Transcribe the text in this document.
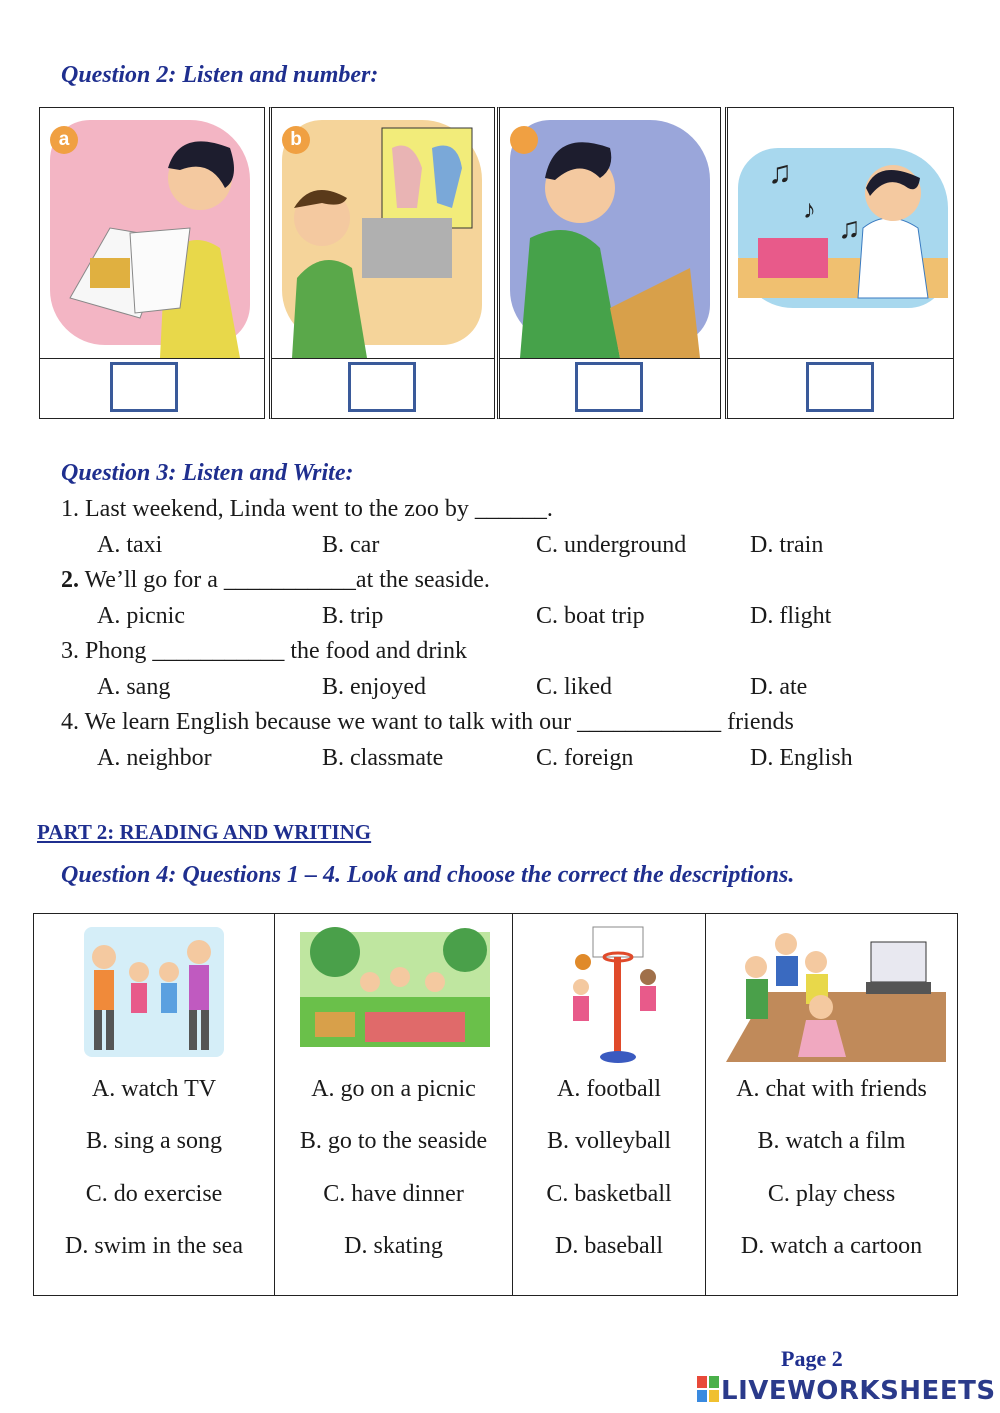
Question 2: Listen and number:
a	b
♫
♪
♫
Question 3: Listen and Write:

1. Last weekend, Linda went to the zoo by ______.

A. taxi	B. car	C. underground	D. train

2. We’ll go for a ___________at the seaside.

A. picnic	B. trip	C. boat trip	D. flight

3. Phong ___________ the food and drink

A. sang	B. enjoyed	C. liked	D. ate

4. We learn English because we want to talk with our ____________ friends

A. neighbor	B. classmate	C. foreign	D. English
PART 2: READING AND WRITING
Question 4: Questions 1 – 4. Look and choose the correct the descriptions.
A. watch TV
B. sing a song
C. do exercise
D. swim in the sea
A. go on a picnic
B. go to the seaside
C. have dinner
D. skating
A. football
B. volleyball
C. basketball
D. baseball
A. chat with friends
B. watch a film
C. play chess
D. watch a cartoon
Page 2
LIVEWORKSHEETS
